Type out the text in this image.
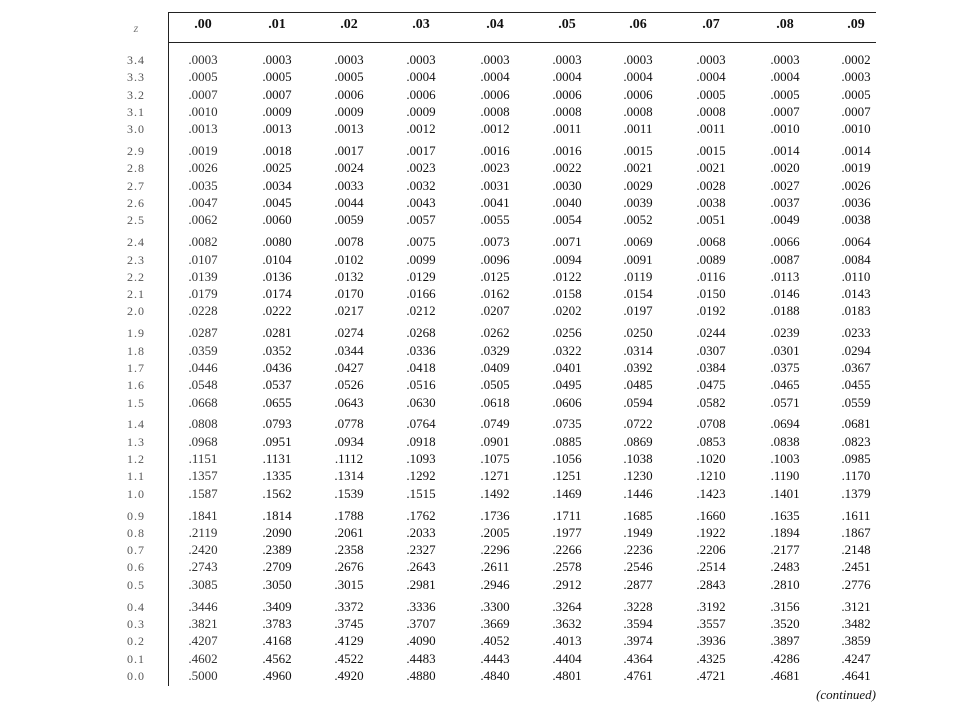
z	.00	.01	.02	.03	.04	.05	.06	.07	.08	.09
3.4	.0003	.0003	.0003	.0003	.0003	.0003	.0003	.0003	.0003	.0002
3.3	.0005	.0005	.0005	.0004	.0004	.0004	.0004	.0004	.0004	.0003
3.2	.0007	.0007	.0006	.0006	.0006	.0006	.0006	.0005	.0005	.0005
3.1	.0010	.0009	.0009	.0009	.0008	.0008	.0008	.0008	.0007	.0007
3.0	.0013	.0013	.0013	.0012	.0012	.0011	.0011	.0011	.0010	.0010
2.9	.0019	.0018	.0017	.0017	.0016	.0016	.0015	.0015	.0014	.0014
2.8	.0026	.0025	.0024	.0023	.0023	.0022	.0021	.0021	.0020	.0019
2.7	.0035	.0034	.0033	.0032	.0031	.0030	.0029	.0028	.0027	.0026
2.6	.0047	.0045	.0044	.0043	.0041	.0040	.0039	.0038	.0037	.0036
2.5	.0062	.0060	.0059	.0057	.0055	.0054	.0052	.0051	.0049	.0038
2.4	.0082	.0080	.0078	.0075	.0073	.0071	.0069	.0068	.0066	.0064
2.3	.0107	.0104	.0102	.0099	.0096	.0094	.0091	.0089	.0087	.0084
2.2	.0139	.0136	.0132	.0129	.0125	.0122	.0119	.0116	.0113	.0110
2.1	.0179	.0174	.0170	.0166	.0162	.0158	.0154	.0150	.0146	.0143
2.0	.0228	.0222	.0217	.0212	.0207	.0202	.0197	.0192	.0188	.0183
1.9	.0287	.0281	.0274	.0268	.0262	.0256	.0250	.0244	.0239	.0233
1.8	.0359	.0352	.0344	.0336	.0329	.0322	.0314	.0307	.0301	.0294
1.7	.0446	.0436	.0427	.0418	.0409	.0401	.0392	.0384	.0375	.0367
1.6	.0548	.0537	.0526	.0516	.0505	.0495	.0485	.0475	.0465	.0455
1.5	.0668	.0655	.0643	.0630	.0618	.0606	.0594	.0582	.0571	.0559
1.4	.0808	.0793	.0778	.0764	.0749	.0735	.0722	.0708	.0694	.0681
1.3	.0968	.0951	.0934	.0918	.0901	.0885	.0869	.0853	.0838	.0823
1.2	.1151	.1131	.1112	.1093	.1075	.1056	.1038	.1020	.1003	.0985
1.1	.1357	.1335	.1314	.1292	.1271	.1251	.1230	.1210	.1190	.1170
1.0	.1587	.1562	.1539	.1515	.1492	.1469	.1446	.1423	.1401	.1379
0.9	.1841	.1814	.1788	.1762	.1736	.1711	.1685	.1660	.1635	.1611
0.8	.2119	.2090	.2061	.2033	.2005	.1977	.1949	.1922	.1894	.1867
0.7	.2420	.2389	.2358	.2327	.2296	.2266	.2236	.2206	.2177	.2148
0.6	.2743	.2709	.2676	.2643	.2611	.2578	.2546	.2514	.2483	.2451
0.5	.3085	.3050	.3015	.2981	.2946	.2912	.2877	.2843	.2810	.2776
0.4	.3446	.3409	.3372	.3336	.3300	.3264	.3228	.3192	.3156	.3121
0.3	.3821	.3783	.3745	.3707	.3669	.3632	.3594	.3557	.3520	.3482
0.2	.4207	.4168	.4129	.4090	.4052	.4013	.3974	.3936	.3897	.3859
0.1	.4602	.4562	.4522	.4483	.4443	.4404	.4364	.4325	.4286	.4247
0.0	.5000	.4960	.4920	.4880	.4840	.4801	.4761	.4721	.4681	.4641
(continued)
